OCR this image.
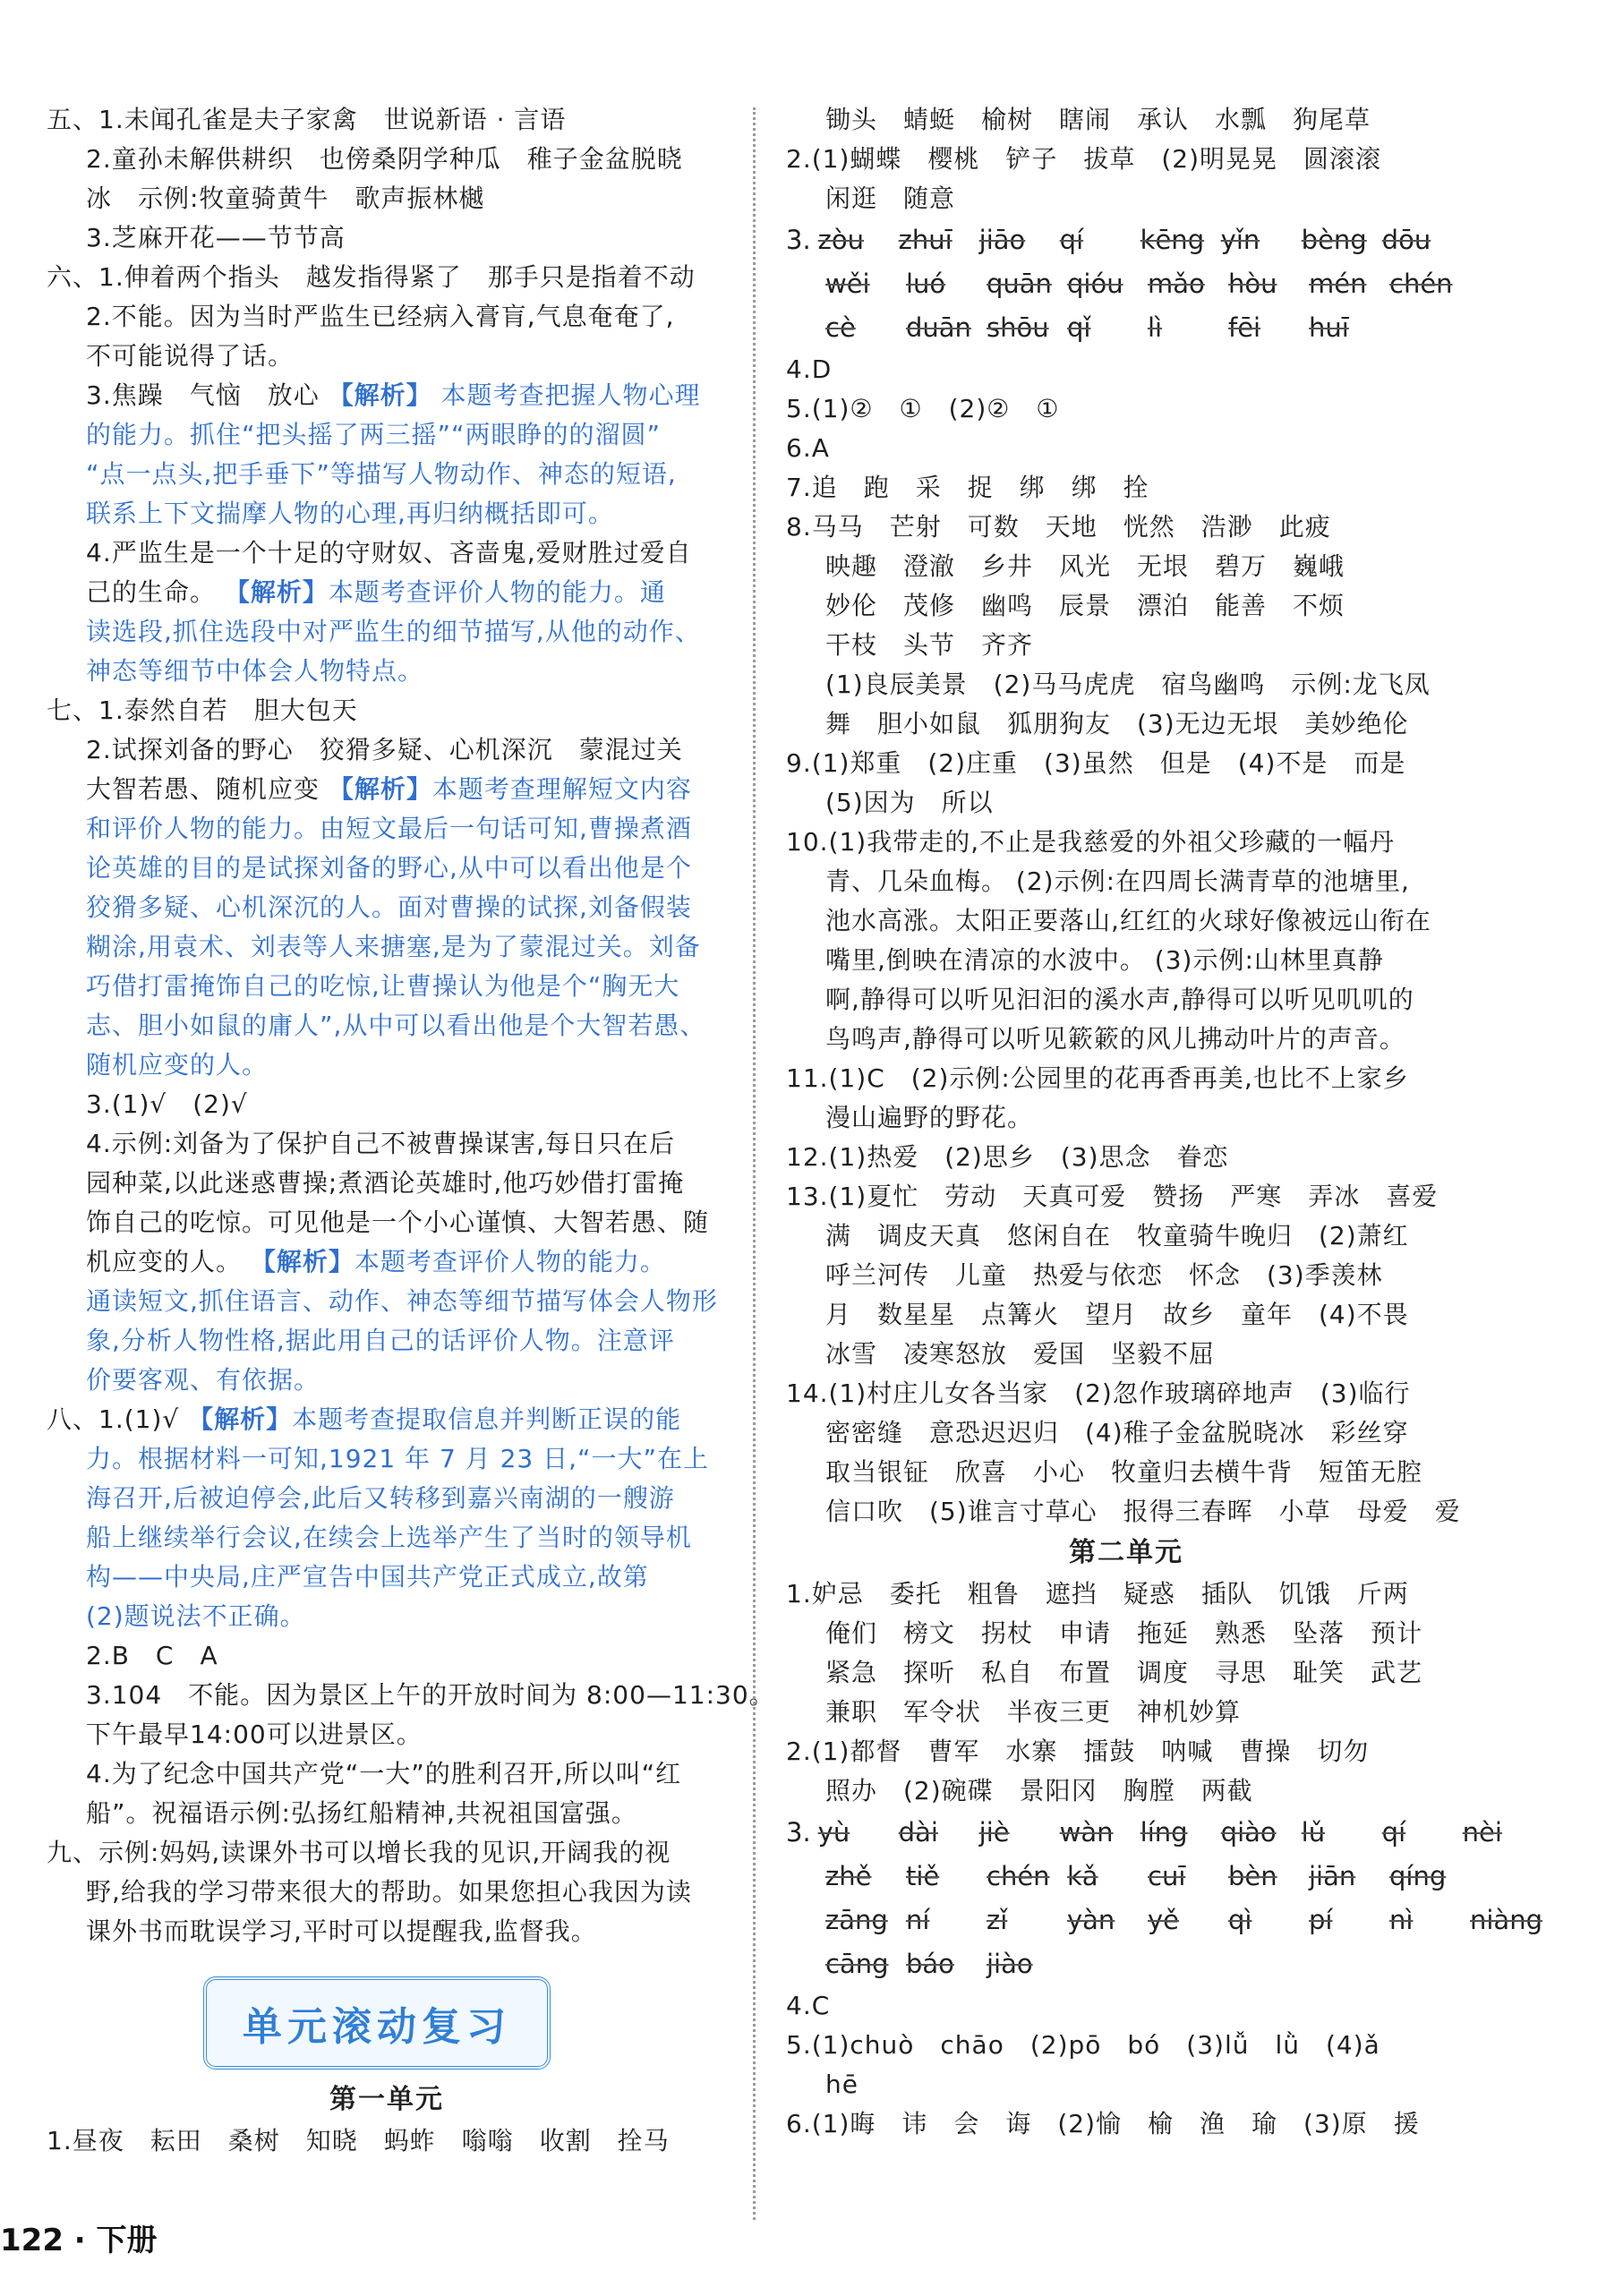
五、1.未闻孔雀是夫子家禽　世说新语 · 言语
2.童孙未解供耕织　也傍桑阴学种瓜　稚子金盆脱晓
冰　示例:牧童骑黄牛　歌声振林樾
3.芝麻开花——节节高
六、1.伸着两个指头　越发指得紧了　那手只是指着不动
2.不能。因为当时严监生已经病入膏肓,气息奄奄了,
不可能说得了话。
3.焦躁　气恼　放心 【解析】 本题考查把握人物心理
的能力。抓住“把头摇了两三摇”“两眼睁的的溜圆”
“点一点头,把手垂下”等描写人物动作、神态的短语,
联系上下文揣摩人物的心理,再归纳概括即可。
4.严监生是一个十足的守财奴、吝啬鬼,爱财胜过爱自
己的生命。 【解析】本题考查评价人物的能力。通
读选段,抓住选段中对严监生的细节描写,从他的动作、
神态等细节中体会人物特点。
七、1.泰然自若　胆大包天
2.试探刘备的野心　狡猾多疑、心机深沉　蒙混过关
大智若愚、随机应变 【解析】本题考查理解短文内容
和评价人物的能力。由短文最后一句话可知,曹操煮酒
论英雄的目的是试探刘备的野心,从中可以看出他是个
狡猾多疑、心机深沉的人。面对曹操的试探,刘备假装
糊涂,用袁术、刘表等人来搪塞,是为了蒙混过关。刘备
巧借打雷掩饰自己的吃惊,让曹操认为他是个“胸无大
志、胆小如鼠的庸人”,从中可以看出他是个大智若愚、
随机应变的人。
3.(1)√　(2)√
4.示例:刘备为了保护自己不被曹操谋害,每日只在后
园种菜,以此迷惑曹操;煮酒论英雄时,他巧妙借打雷掩
饰自己的吃惊。可见他是一个小心谨慎、大智若愚、随
机应变的人。 【解析】本题考查评价人物的能力。
通读短文,抓住语言、动作、神态等细节描写体会人物形
象,分析人物性格,据此用自己的话评价人物。注意评
价要客观、有依据。
八、1.(1)√ 【解析】本题考查提取信息并判断正误的能
力。根据材料一可知,1921 年 7 月 23 日,“一大”在上
海召开,后被迫停会,此后又转移到嘉兴南湖的一艘游
船上继续举行会议,在续会上选举产生了当时的领导机
构——中央局,庄严宣告中国共产党正式成立,故第
(2)题说法不正确。
2.B　C　A
3.104　不能。因为景区上午的开放时间为 8:00—11:30。
下午最早14:00可以进景区。
4.为了纪念中国共产党“一大”的胜利召开,所以叫“红
船”。祝福语示例:弘扬红船精神,共祝祖国富强。
九、示例:妈妈,读课外书可以增长我的见识,开阔我的视
野,给我的学习带来很大的帮助。如果您担心我因为读
课外书而耽误学习,平时可以提醒我,监督我。
单元滚动复习
第一单元
1.昼夜　耘田　桑树　知晓　蚂蚱　嗡嗡　收割　拴马
锄头　蜻蜓　榆树　瞎闹　承认　水瓢　狗尾草
2.(1)蝴蝶　樱桃　铲子　拔草　(2)明晃晃　圆滚滚
闲逛　随意
3. zòu zhuī jiāo qí kēng yǐn bèng dōu
wěi luó quān qióu mǎo hòu mén chén
cè duān shōu qǐ lì	fēi huī
4.D
5.(1)②　①　(2)②　①
6.A
7.追　跑　采　捉　绑　绑　拴
8.马马　芒射　可数　天地　恍然　浩渺　此疲
映趣　澄澈　乡井　风光　无垠　碧万　巍峨
妙伦　茂修　幽鸣　辰景　漂泊　能善　不烦
干枝　头节　齐齐
(1)良辰美景　(2)马马虎虎　宿鸟幽鸣　示例:龙飞凤
舞　胆小如鼠　狐朋狗友　(3)无边无垠　美妙绝伦
9.(1)郑重　(2)庄重　(3)虽然　但是　(4)不是　而是
(5)因为　所以
10.(1)我带走的,不止是我慈爱的外祖父珍藏的一幅丹
青、几朵血梅。 (2)示例:在四周长满青草的池塘里,
池水高涨。太阳正要落山,红红的火球好像被远山衔在
嘴里,倒映在清凉的水波中。 (3)示例:山林里真静
啊,静得可以听见汩汩的溪水声,静得可以听见叽叽的
鸟鸣声,静得可以听见簌簌的风儿拂动叶片的声音。
11.(1)C　(2)示例:公园里的花再香再美,也比不上家乡
漫山遍野的野花。
12.(1)热爱　(2)思乡　(3)思念　眷恋
13.(1)夏忙　劳动　天真可爱　赞扬　严寒　弄冰　喜爱
满　调皮天真　悠闲自在　牧童骑牛晚归　(2)萧红
呼兰河传　儿童　热爱与依恋　怀念　(3)季羡林
月　数星星　点篝火　望月　故乡　童年　(4)不畏
冰雪　凌寒怒放　爱国　坚毅不屈
14.(1)村庄儿女各当家　(2)忽作玻璃碎地声　(3)临行
密密缝　意恐迟迟归　(4)稚子金盆脱晓冰　彩丝穿
取当银钲　欣喜　小心　牧童归去横牛背　短笛无腔
信口吹　(5)谁言寸草心　报得三春晖　小草　母爱　爱
第二单元
1.妒忌　委托　粗鲁　遮挡　疑惑　插队　饥饿　斤两
俺们　榜文　拐杖　申请　拖延　熟悉　坠落　预计
紧急　探听　私自　布置　调度　寻思　耻笑　武艺
兼职　军令状　半夜三更　神机妙算
2.(1)都督　曹军　水寨　擂鼓　呐喊　曹操　切勿
照办　(2)碗碟　景阳冈　胸膛　两截
3. yù dài jiè wàn líng qiào lǔ qí nèi
zhě tiě chén kǎ cuī bèn jiān qíng
zāng ní zǐ yàn yě qì pí nì niàng
cāng báo jiào
4.C
5.(1)chuò　chāo　(2)pō　bó　(3)lǚ　lǜ　(4)ǎ
hē
6.(1)晦　讳　会　诲　(2)愉　榆　渔　瑜　(3)原　援
122 · 下册
